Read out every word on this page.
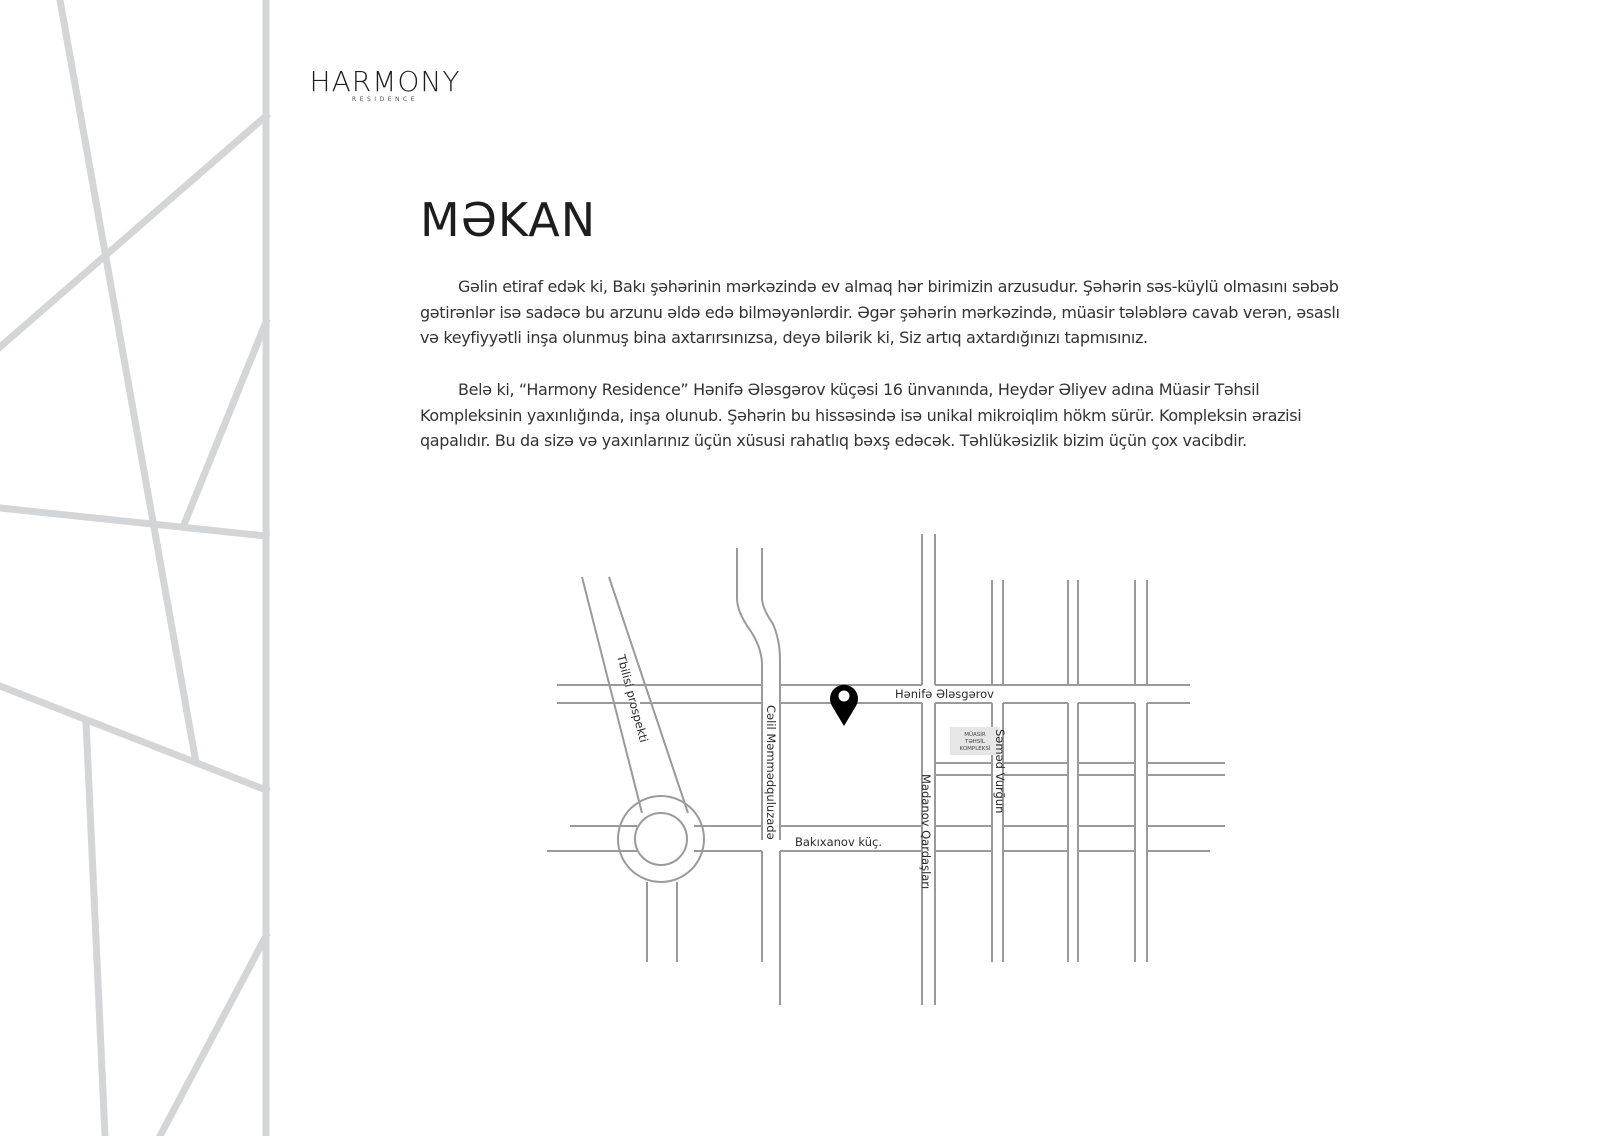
HARMONY
RESIDENCE
MƏKAN

Gəlin etiraf edək ki, Bakı şəhərinin mərkəzində ev almaq hər birimizin arzusudur. Şəhərin səs-küylü olmasını səbəb gətirənlər isə sadəcə bu arzunu əldə edə bilməyənlərdir. Əgər şəhərin mərkəzində, müasir tələblərə cavab verən, əsaslı və keyfiyyətli inşa olunmuş bina axtarırsınızsa, deyə bilərik ki, Siz artıq axtardığınızı tapmısınız.

Belə ki, “Harmony Residence” Hənifə Ələsgərov küçəsi 16 ünvanında, Heydər Əliyev adına Müasir Təhsil Kompleksinin yaxınlığında, inşa olunub. Şəhərin bu hissəsində isə unikal mikroiqlim hökm sürür. Kompleksin ərazisi qapalıdır. Bu da sizə və yaxınlarınız üçün xüsusi rahatlıq bəxş edəcək. Təhlükəsizlik bizim üçün çox vacibdir.

MÜASİR
TƏHSİL
KOMPLEKSİ
Tbilisi prospekti
Cəlil Məmmədquluzadə
Hənifə Ələsgərov
Bakıxanov küç.	Madanov Qardaşları
Səməd Vurğun
